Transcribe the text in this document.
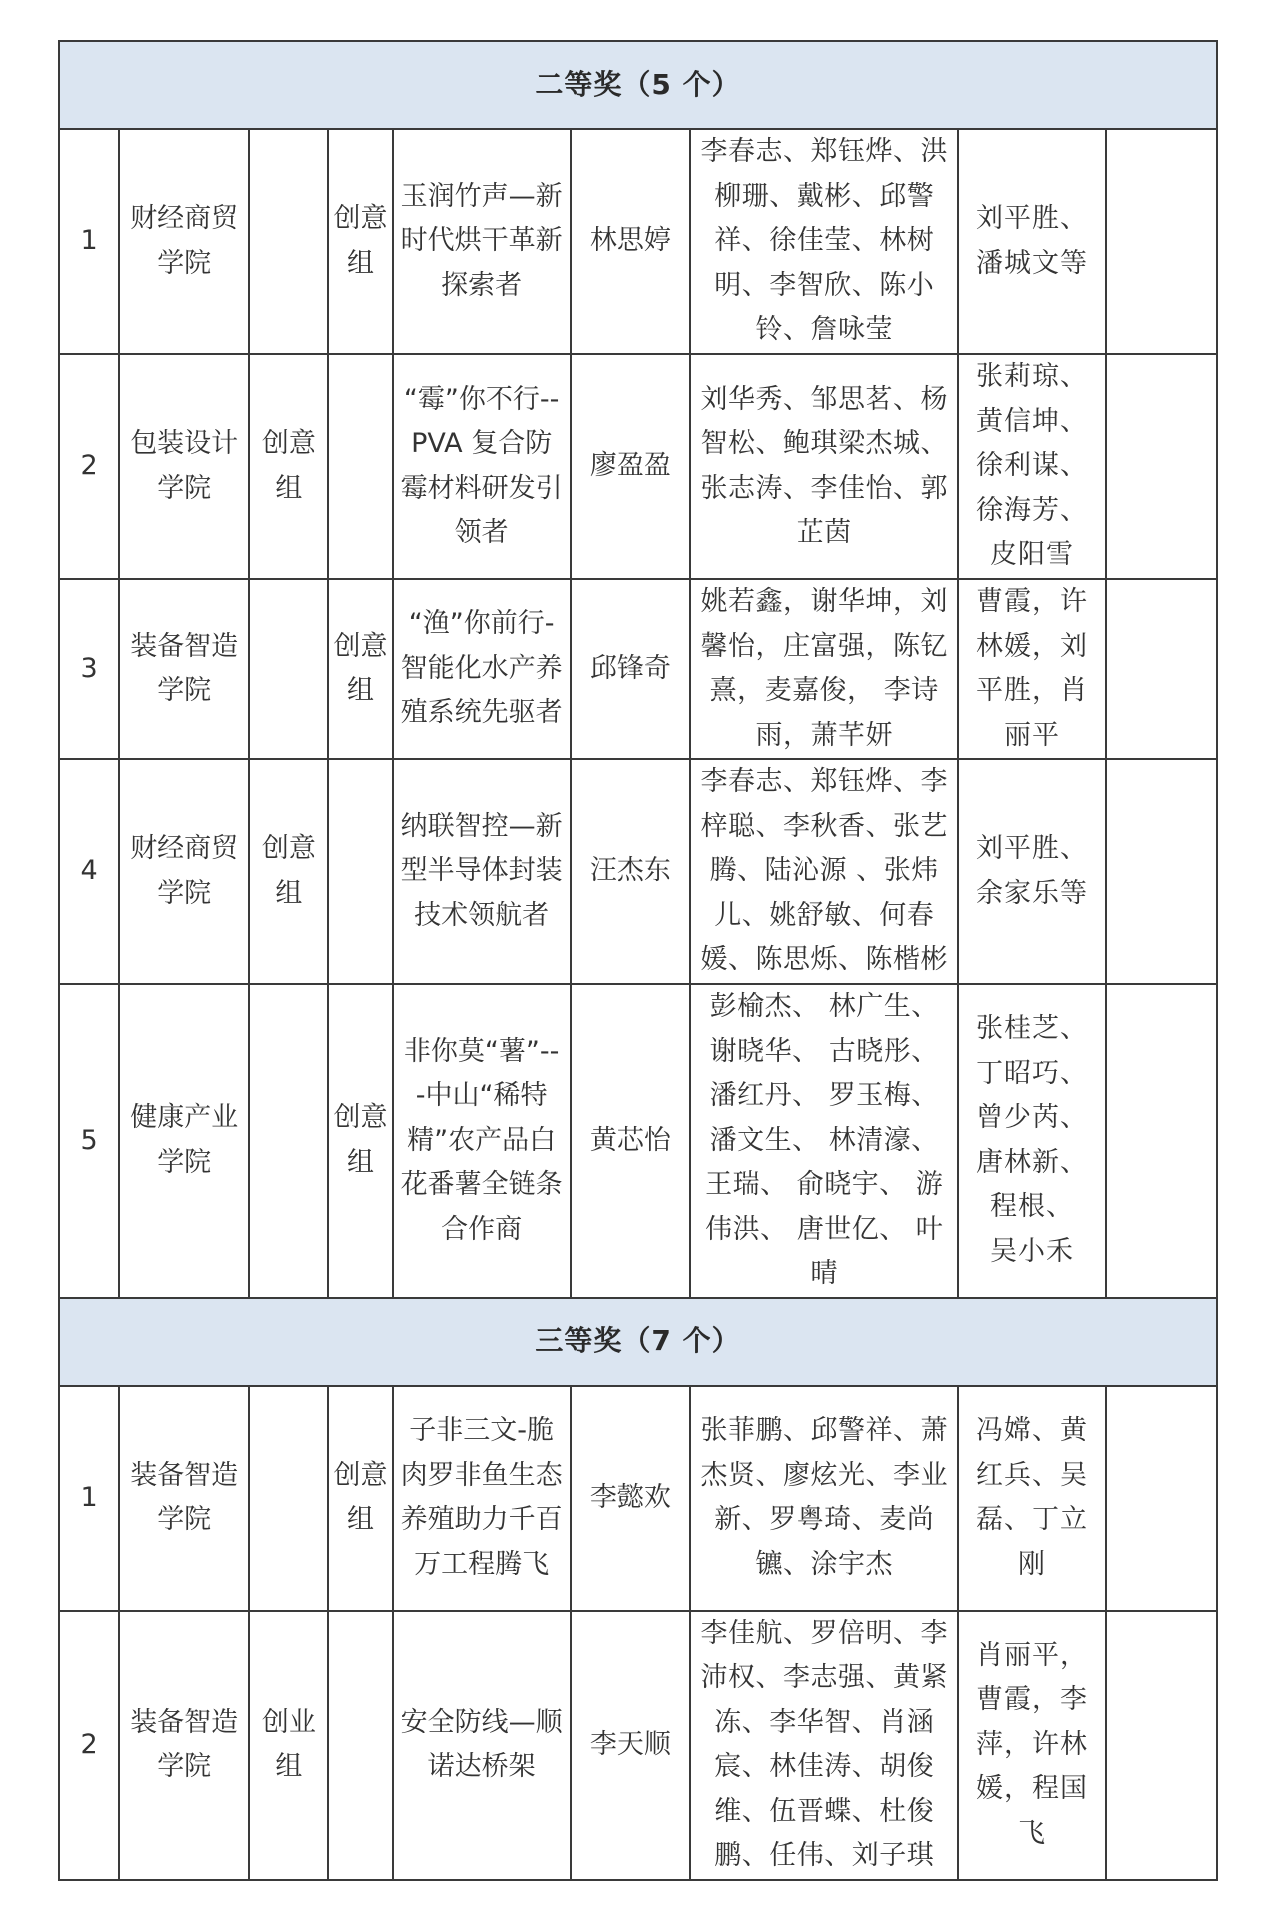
二等奖（5 个）								
1	财经商贸学院		创意组	玉润竹声—新时代烘干革新探索者	林思婷	李春志、郑钰烨、洪柳珊、戴彬、邱警祥、徐佳莹、林树明、李智欣、陈小铃、詹咏莹	刘平胜、潘城文等	
2	包装设计学院	创意组		“霉”你不行--PVA 复合防霉材料研发引领者	廖盈盈	刘华秀、邹思茗、杨智松、鲍琪梁杰城、张志涛、李佳怡、郭芷茵	张莉琼、黄信坤、徐利谋、徐海芳、皮阳雪	
3	装备智造学院		创意组	“渔”你前行-智能化水产养殖系统先驱者	邱锋奇	姚若鑫，谢华坤，刘馨怡，庄富强，陈钇熹，麦嘉俊， 李诗雨，萧芊妍	曹霞，许林媛，刘平胜，肖丽平	
4	财经商贸学院	创意组		纳联智控—新型半导体封装技术领航者	汪杰东	李春志、郑钰烨、李梓聪、李秋香、张艺腾、陆沁源 、张炜儿、姚舒敏、何春媛、陈思烁、陈楷彬	刘平胜、余家乐等	
5	健康产业学院		创意组	非你莫“薯”---中山“稀特精”农产品白花番薯全链条合作商	黄芯怡	彭榆杰、 林广生、谢晓华、 古晓彤、潘红丹、 罗玉梅、潘文生、 林清濠、王瑞、 俞晓宇、 游伟洪、 唐世亿、 叶晴	张桂芝、丁昭巧、曾少芮、唐林新、程根、 吴小禾	
三等奖（7 个）								
1	装备智造学院		创意组	子非三文-脆肉罗非鱼生态养殖助力千百万工程腾飞	李懿欢	张菲鹏、邱警祥、萧杰贤、廖炫光、李业新、罗粤琦、麦尚镳、涂宇杰	冯嫦、黄红兵、吴磊、丁立刚	
2	装备智造学院	创业组		安全防线—顺诺达桥架	李天顺	李佳航、罗倍明、李沛权、李志强、黄紧冻、李华智、肖涵宸、林佳涛、胡俊维、伍晋蝶、杜俊鹏、任伟、刘子琪	肖丽平，曹霞，李萍，许林媛，程国飞	
